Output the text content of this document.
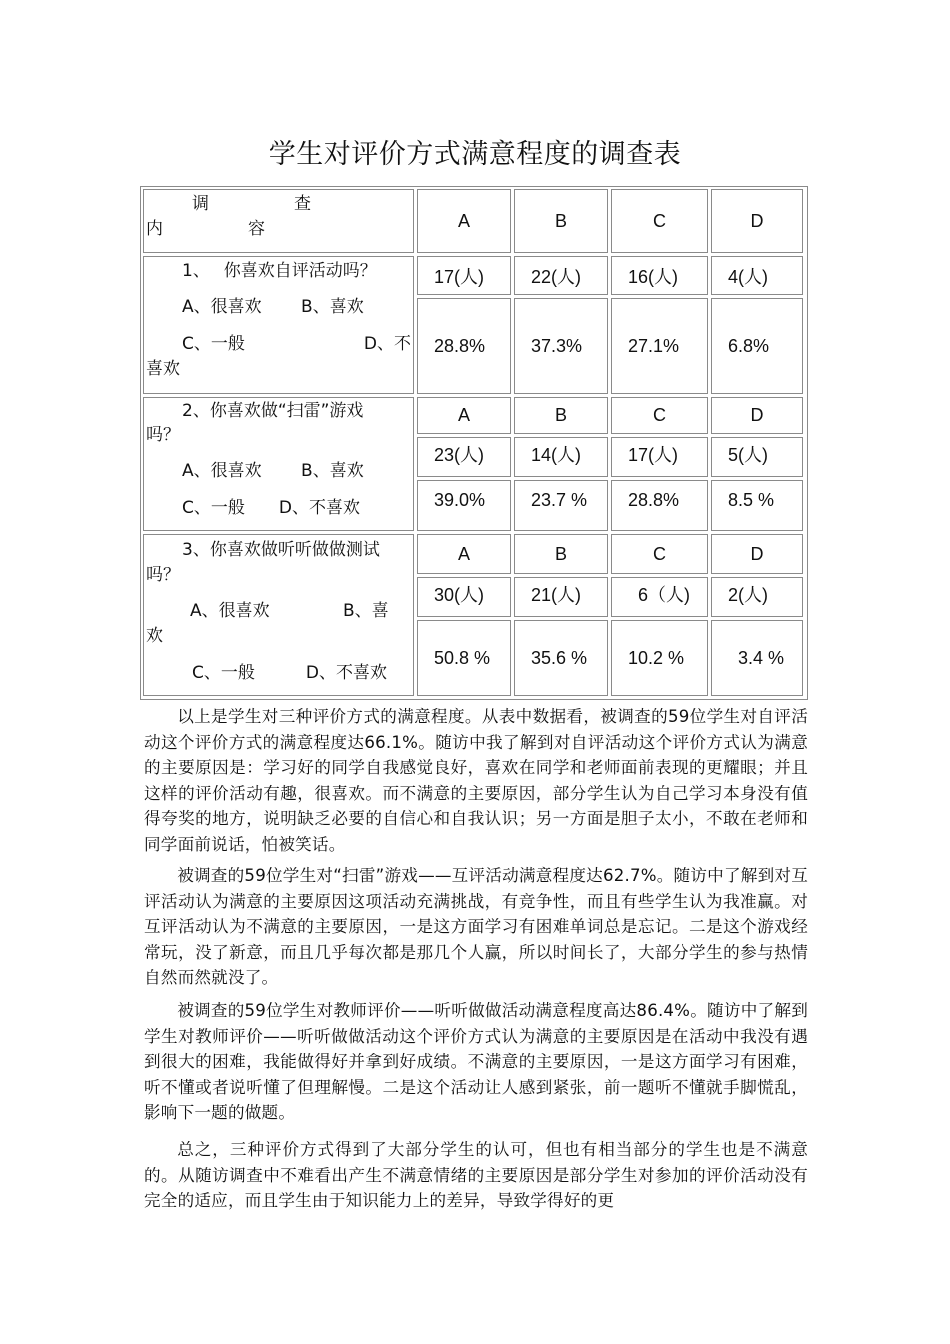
学生对评价方式满意程度的调查表
调　　　　　查
内　　　　　容	A	B	C	D
1、　 你喜欢自评活动吗？
A、很喜欢　　 B、喜欢
C、一般　　　　　　　D、不
喜欢
17(人)	22(人)	16(人)	4(人)
28.8%	37.3%	27.1%	6.8%
2、你喜欢做“扫雷”游戏
吗？
A、很喜欢　　 B、喜欢
C、一般　　D、不喜欢
A	B	C	D
23(人)	14(人)	17(人)	5(人)
39.0%	23.7 %	28.8%	8.5 %
3、你喜欢做听听做做测试
吗？
A、很喜欢　　　　 B、喜
欢
C、一般　　　D、不喜欢
A	B	C	D
30(人)	21(人)	6（人)	2(人)
50.8 %	35.6 %	10.2 %	3.4 %

以上是学生对三种评价方式的满意程度。从表中数据看，被调查的59位学生对自评活动这个评价方式的满意程度达66.1%。随访中我了解到对自评活动这个评价方式认为满意的主要原因是：学习好的同学自我感觉良好，喜欢在同学和老师面前表现的更耀眼；并且这样的评价活动有趣，很喜欢。而不满意的主要原因，部分学生认为自己学习本身没有值得夸奖的地方，说明缺乏必要的自信心和自我认识；另一方面是胆子太小，不敢在老师和同学面前说话，怕被笑话。

被调查的59位学生对“扫雷”游戏——互评活动满意程度达62.7%。随访中了解到对互评活动认为满意的主要原因这项活动充满挑战，有竞争性，而且有些学生认为我准赢。对互评活动认为不满意的主要原因，一是这方面学习有困难单词总是忘记。二是这个游戏经常玩，没了新意，而且几乎每次都是那几个人赢，所以时间长了，大部分学生的参与热情自然而然就没了。

被调查的59位学生对教师评价——听听做做活动满意程度高达86.4%。随访中了解到学生对教师评价——听听做做活动这个评价方式认为满意的主要原因是在活动中我没有遇到很大的困难，我能做得好并拿到好成绩。不满意的主要原因，一是这方面学习有困难，听不懂或者说听懂了但理解慢。二是这个活动让人感到紧张，前一题听不懂就手脚慌乱，影响下一题的做题。

总之，三种评价方式得到了大部分学生的认可，但也有相当部分的学生也是不满意的。从随访调查中不难看出产生不满意情绪的主要原因是部分学生对参加的评价活动没有完全的适应，而且学生由于知识能力上的差异，导致学得好的更
